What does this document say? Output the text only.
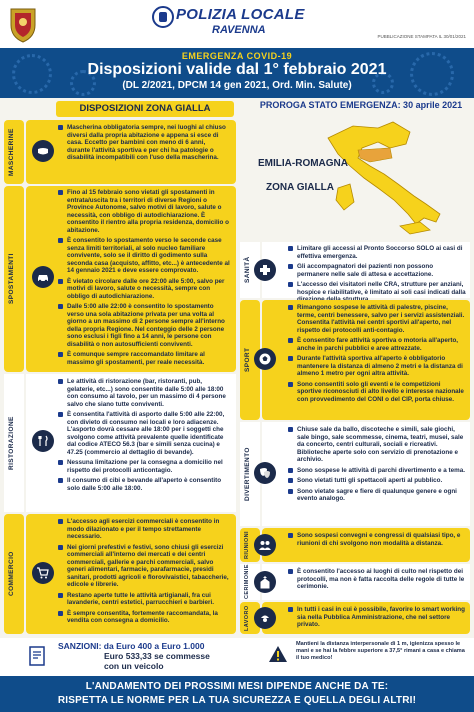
POLIZIA LOCALE
RAVENNA
PUBBLICAZIONE STAMPATA IL 30/01/2021
EMERGENZA COVID-19
Disposizioni valide dal 1° febbraio 2021
(DL 2/2021, DPCM 14 gen 2021, Ord. Min. Salute)
DISPOSIZIONI ZONA GIALLA	PROROGA STATO EMERGENZA: 30 aprile 2021
EMILIA-ROMAGNA
ZONA GIALLA
MASCHERINE
Mascherina obbligatoria sempre, nei luoghi al chiuso diversi dalla propria abitazione e appena si esce di casa. Eccetto per bambini con meno di 6 anni, durante l'attività sportiva e per chi ha patologie o disabilità incompatibili con l'uso della mascherina.
SPOSTAMENTI
Fino al 15 febbraio sono vietati gli spostamenti in entrata/uscita tra i territori di diverse Regioni o Province Autonome, salvo motivi di lavoro, salute o necessità, con obbligo di autodichiarazione. È consentito il rientro alla propria residenza, domicilio o abitazione.
È consentito lo spostamento verso le seconde case senza limiti territoriali, al solo nucleo familiare convivente, solo se il diritto di godimento sulla seconda casa (acquisto, affitto, etc...) è antecedente al 14 gennaio 2021 e deve essere comprovato.
È vietato circolare dalle ore 22:00 alle 5:00, salvo per motivi di lavoro, salute o necessità, sempre con obbligo di autodichiarazione.
Dalle 5:00 alle 22:00 è consentito lo spostamento verso una sola abitazione privata per una volta al giorno a un massimo di 2 persone sempre all'interno della propria Regione. Nel conteggio delle 2 persone sono esclusi i figli fino a 14 anni, le persone con disabilità o non autosufficienti conviventi.
È comunque sempre raccomandato limitare al massimo gli spostamenti, per reale necessità.
RISTORAZIONE
Le attività di ristorazione (bar, ristoranti, pub, gelaterie, etc...) sono consentite dalle 5:00 alle 18:00 con consumo al tavolo, per un massimo di 4 persone salvo che siano tutte conviventi.
È consentita l'attività di asporto dalle 5:00 alle 22:00, con divieto di consumo nei locali e loro adiacenze. L'asporto dovrà cessare alle 18:00 per i soggetti che svolgono come attività prevalente quelle identificate dal codice ATECO 56.3 (bar e simili senza cucina) e 47.25 (commercio al dettaglio di bevande).
Nessuna limitazione per la consegna a domicilio nel rispetto dei protocolli anticontagio.
Il consumo di cibi e bevande all'aperto è consentito solo dalle 5:00 alle 18:00.
COMMERCIO
L'accesso agli esercizi commerciali è consentito in modo dilazionato e per il tempo strettamente necessario.
Nei giorni prefestivi e festivi, sono chiusi gli esercizi commerciali all'interno dei mercati e dei centri commerciali, gallerie e parchi commerciali, salvo generi alimentari, farmacie, parafarmacie, presidi sanitari, prodotti agricoli e florovivaistici, tabaccherie, edicole e librerie.
Restano aperte tutte le attività artigianali, fra cui lavanderie, centri estetici, parrucchieri e barbieri.
È sempre consentita, fortemente raccomandata, la vendita con consegna a domicilio.
SANITÀ
Limitare gli accessi al Pronto Soccorso SOLO ai casi di effettiva emergenza.
Gli accompagnatori dei pazienti non possono permanere nelle sale di attesa e accettazione.
L'accesso dei visitatori nelle CRA, strutture per anziani, hospice e riabilitative, è limitato ai soli casi indicati dalla
SPORT
Rimangono sospese le attività di palestre, piscine, terme, centri benessere, salvo per i servizi assistenziali. Consentita l'attività nei centri sportivi all'aperto, nel rispetto dei protocolli anti-contagio.
È consentito fare attività sportiva o motoria all'aperto, anche in parchi pubblici e aree attrezzate.
Durante l'attività sportiva all'aperto è obbligatorio mantenere la distanza di almeno 2 metri e la distanza di almeno 1 metro per ogni altra attività.
Sono consentiti solo gli eventi e le competizioni sportive riconosciuti di alto livello e interesse nazionale con provvedimento del CONI o del CIP, porta chiuse.
DIVERTIMENTO
Chiuse sale da ballo, discoteche e simili, sale giochi, sale bingo, sale scommesse, cinema, teatri, musei, sale da concerto, centri culturali, sociali e ricreativi. Biblioteche aperte solo con servizio di prenotazione e archivio.
Sono sospese le attività di parchi divertimento e a tema.
Sono vietati tutti gli spettacoli aperti al pubblico.
Sono vietate sagre e fiere di qualunque genere e ogni evento analogo.
RIUNIONI	Sono sospesi convegni e congressi di qualsiasi tipo, e riunioni di chi svolgono non modalità a distanza.
CERIMONIE	È consentito l'accesso ai luoghi di culto nel rispetto dei protocolli, ma non è fatta raccolta delle regole di tutte le cerimonie.
LAVORO	In tutti i casi in cui è possibile, favorire lo smart working sia nella Pubblica Amministrazione, che nel settore privato.
SANZIONI: da Euro 400 a Euro 1.000
Euro 533,33 se commesse
con un veicolo
Mantieni la distanza interpersonale di 1 m, igienizza spesso le mani e se hai la febbre superiore a 37,5° rimani a casa e chiama il tuo medico!
L'ANDAMENTO DEI PROSSIMI MESI DIPENDE ANCHE DA TE:
RISPETTA LE NORME PER LA TUA SICUREZZA E QUELLA DEGLI ALTRI!
